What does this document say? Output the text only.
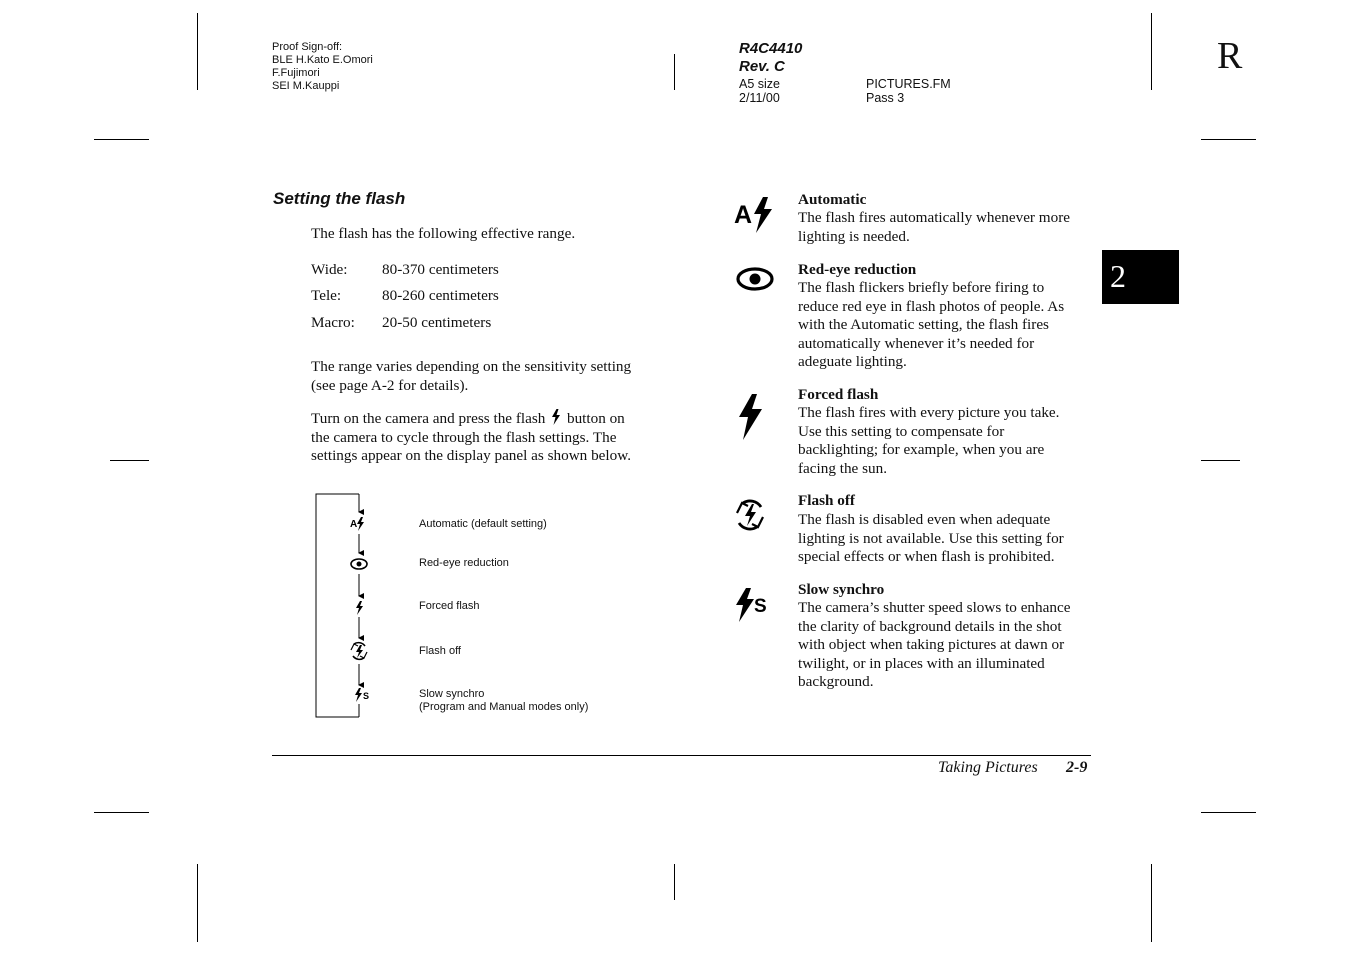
Proof Sign-off:
BLE H.Kato E.Omori
F.Fujimori
SEI M.Kauppi
R4C4410
Rev. C
A5 size
2/11/00
PICTURES.FM
Pass 3
R
2
Setting the flash
The flash has the following effective range.
Wide: 80-370 centimeters
Tele:	80-260 centimeters
Macro: 20-50 centimeters
The range varies depending on the sensitivity setting
(see page A-2 for details).
Turn on the camera and press the flash button on
the camera to cycle through the flash settings. The
settings appear on the display panel as shown below.
A
S
Automatic (default setting)
Red-eye reduction
Forced flash
Flash off
Slow synchro
(Program and Manual modes only)
A
Automatic
The flash fires automatically whenever more
lighting is needed.
Red-eye reduction
The flash flickers briefly before firing to
reduce red eye in flash photos of people. As
with the Automatic setting, the flash fires
automatically whenever it’s needed for
adeguate lighting.
Forced flash
The flash fires with every picture you take.
Use this setting to compensate for
backlighting; for example, when you are
facing the sun.
Flash off
The flash is disabled even when adequate
lighting is not available. Use this setting for
special effects or when flash is prohibited.
S
Slow synchro
The camera’s shutter speed slows to enhance
the clarity of background details in the shot
with object when taking pictures at dawn or
twilight, or in places with an illuminated
background.
Taking Pictures 2-9
